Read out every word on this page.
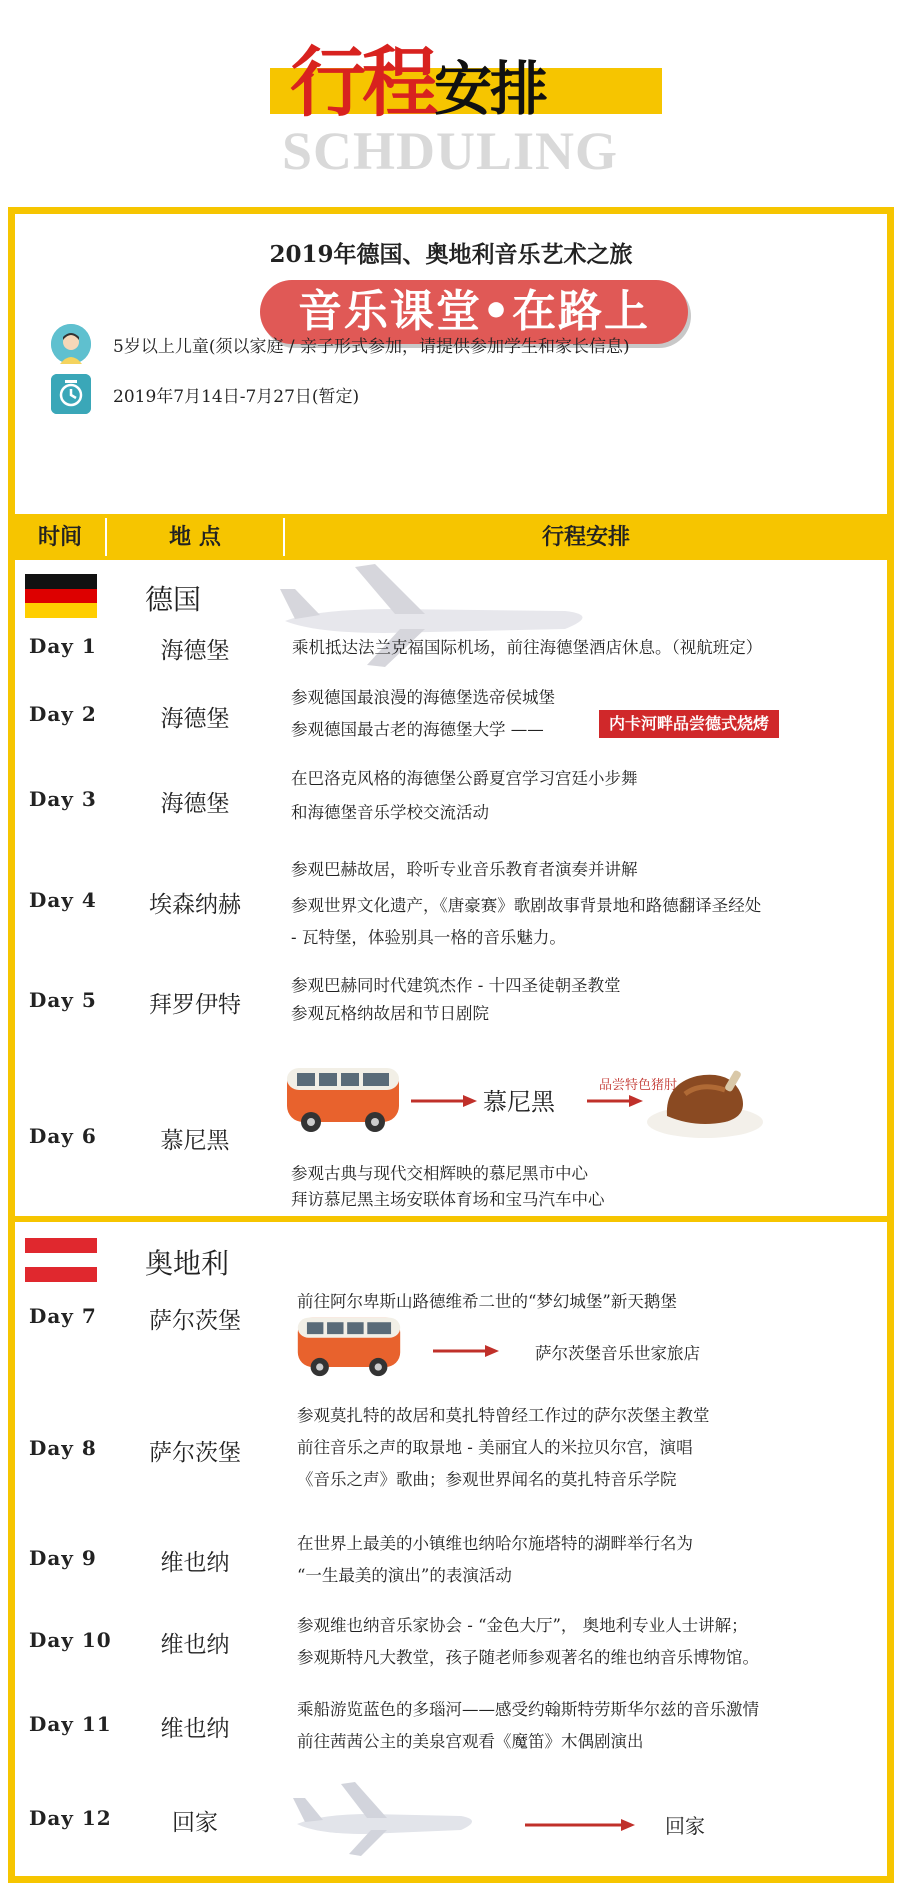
行程安排
SCHDULING
2019年德国、奥地利音乐艺术之旅
音乐课堂•在路上
5岁以上儿童(须以家庭 / 亲子形式参加，请提供参加学生和家长信息)
2019年7月14日-7月27日(暂定)
时间	地 点	行程安排
德国
Day 1	海德堡	乘机抵达法兰克福国际机场，前往海德堡酒店休息。（视航班定）
Day 2	海德堡
参观德国最浪漫的海德堡选帝侯城堡
参观德国最古老的海德堡大学 ——	内卡河畔品尝德式烧烤
Day 3	海德堡
在巴洛克风格的海德堡公爵夏宫学习宫廷小步舞
和海德堡音乐学校交流活动
Day 4	埃森纳赫
参观巴赫故居，聆听专业音乐教育者演奏并讲解
参观世界文化遗产，《唐豪赛》歌剧故事背景地和路德翻译圣经处
- 瓦特堡，体验别具一格的音乐魅力。
Day 5	拜罗伊特
参观巴赫同时代建筑杰作 - 十四圣徒朝圣教堂
参观瓦格纳故居和节日剧院
Day 6	慕尼黑
慕尼黑
品尝特色猪肘
参观古典与现代交相辉映的慕尼黑市中心
拜访慕尼黑主场安联体育场和宝马汽车中心
奥地利
Day 7	萨尔茨堡
前往阿尔卑斯山路德维希二世的“梦幻城堡”新天鹅堡
萨尔茨堡音乐世家旅店
Day 8	萨尔茨堡
参观莫扎特的故居和莫扎特曾经工作过的萨尔茨堡主教堂
前往音乐之声的取景地 - 美丽宜人的米拉贝尔宫，演唱
《音乐之声》歌曲；参观世界闻名的莫扎特音乐学院
Day 9	维也纳
在世界上最美的小镇维也纳哈尔施塔特的湖畔举行名为
“一生最美的演出”的表演活动
Day 10	维也纳
参观维也纳音乐家协会 - “金色大厅”， 奥地利专业人士讲解；
参观斯特凡大教堂，孩子随老师参观著名的维也纳音乐博物馆。
Day 11	维也纳
乘船游览蓝色的多瑙河——感受约翰斯特劳斯华尔兹的音乐激情
前往茜茜公主的美泉宫观看《魔笛》木偶剧演出
Day 12	回家	回家
